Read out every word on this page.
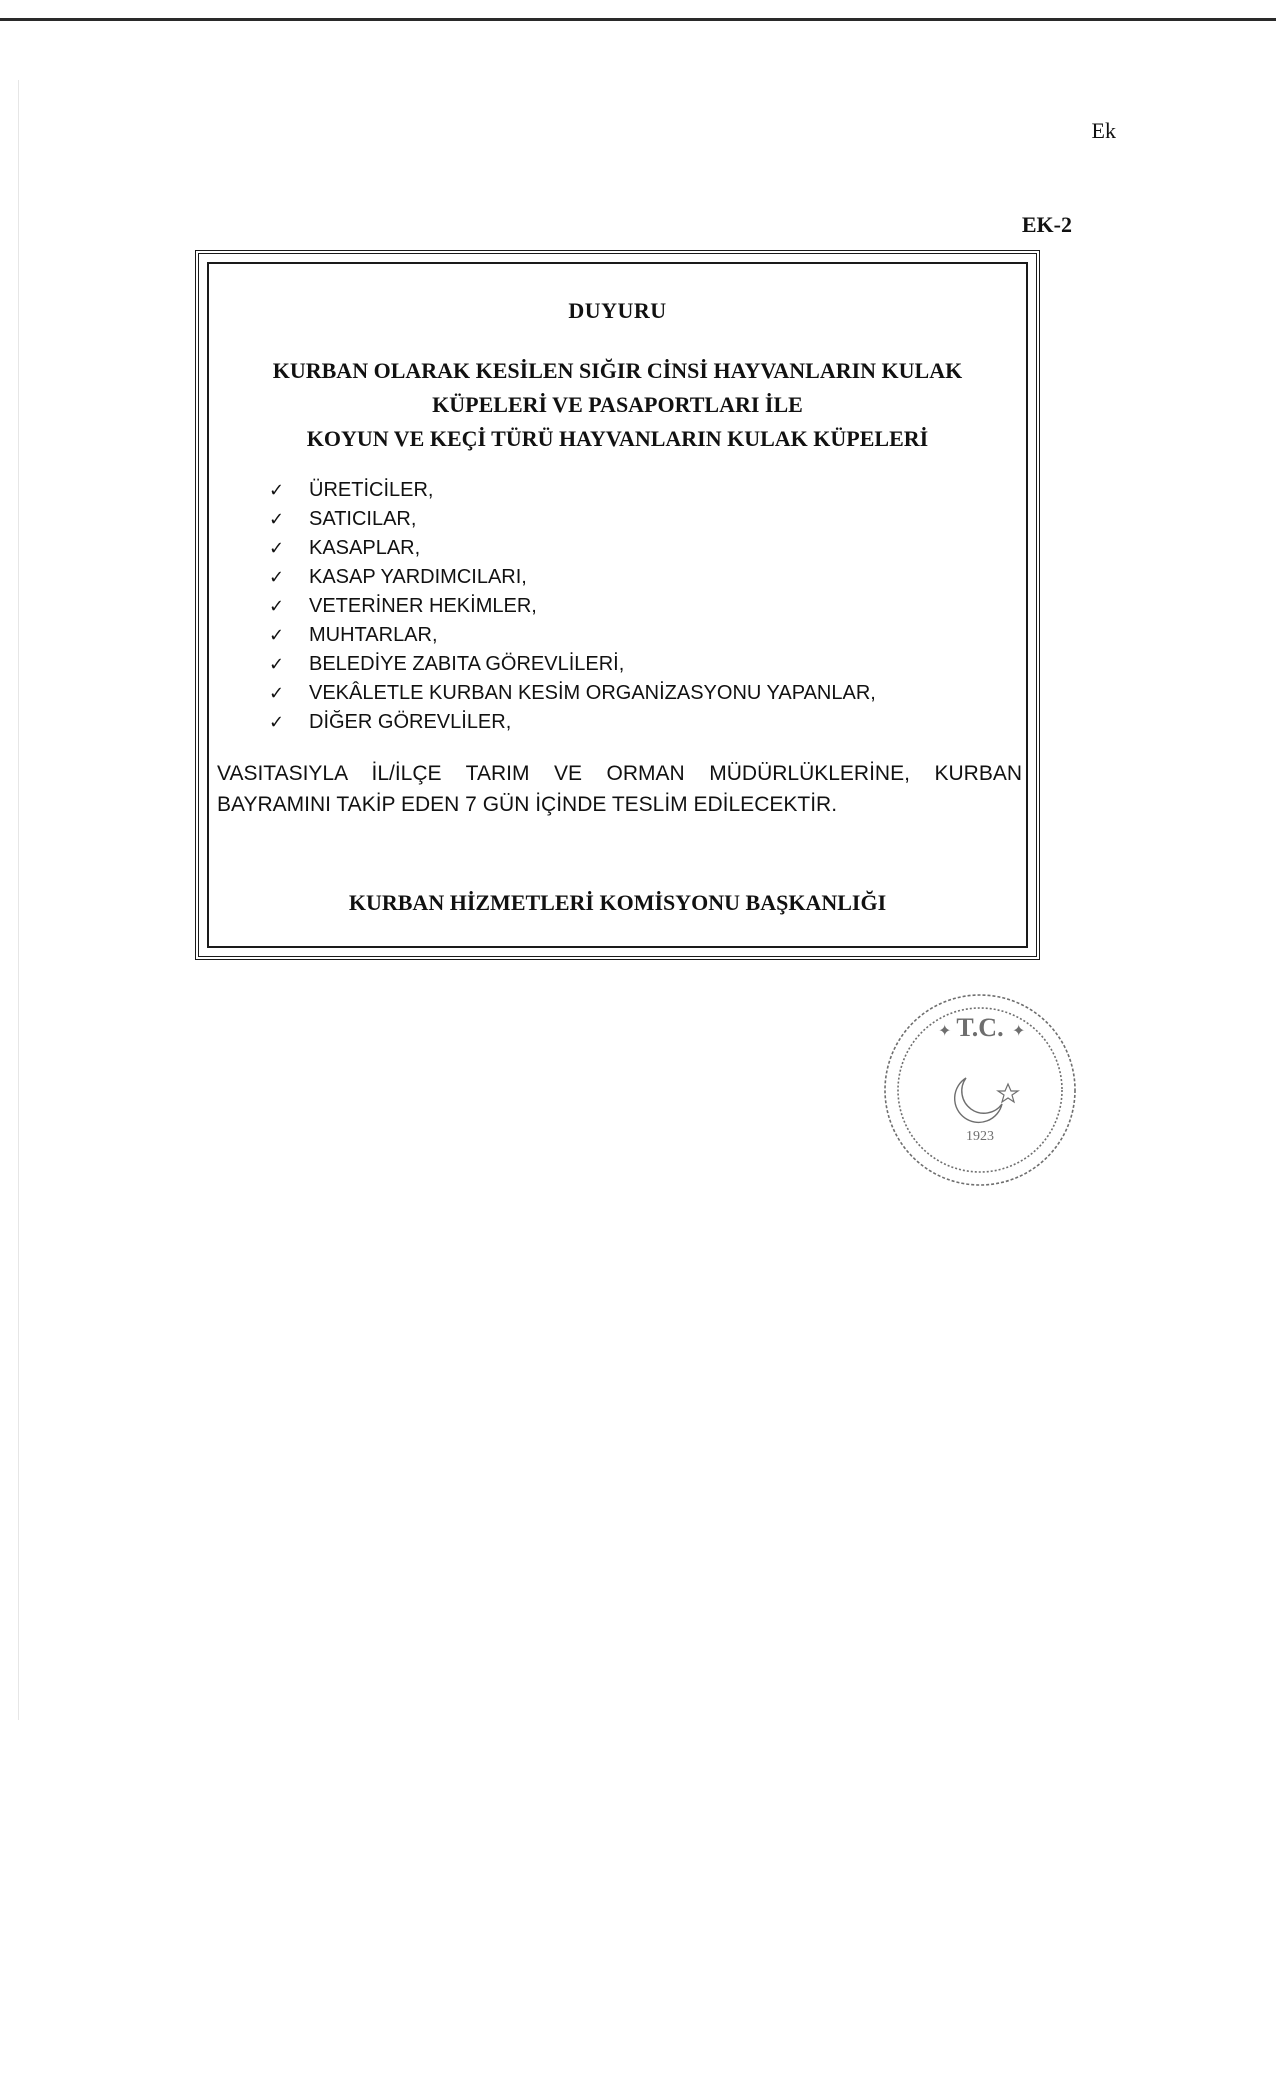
Ek
EK-2
DUYURU
KURBAN OLARAK KESİLEN SIĞIR CİNSİ HAYVANLARIN KULAK
KÜPELERİ VE PASAPORTLARI İLE
KOYUN VE KEÇİ TÜRÜ HAYVANLARIN KULAK KÜPELERİ
✓	ÜRETİCİLER,
✓	SATICILAR,
✓	KASAPLAR,
✓	KASAP YARDIMCILARI,
✓	VETERİNER HEKİMLER,
✓	MUHTARLAR,
✓	BELEDİYE ZABITA GÖREVLİLERİ,
✓	VEKÂLETLE KURBAN KESİM ORGANİZASYONU YAPANLAR,
✓	DİĞER GÖREVLİLER,
VASITASIYLA İL/İLÇE TARIM VE ORMAN MÜDÜRLÜKLERİNE, KURBAN BAYRAMINI TAKİP EDEN 7 GÜN İÇİNDE TESLİM EDİLECEKTİR.
KURBAN HİZMETLERİ KOMİSYONU BAŞKANLIĞI
T.C.
1923
✦	✦
